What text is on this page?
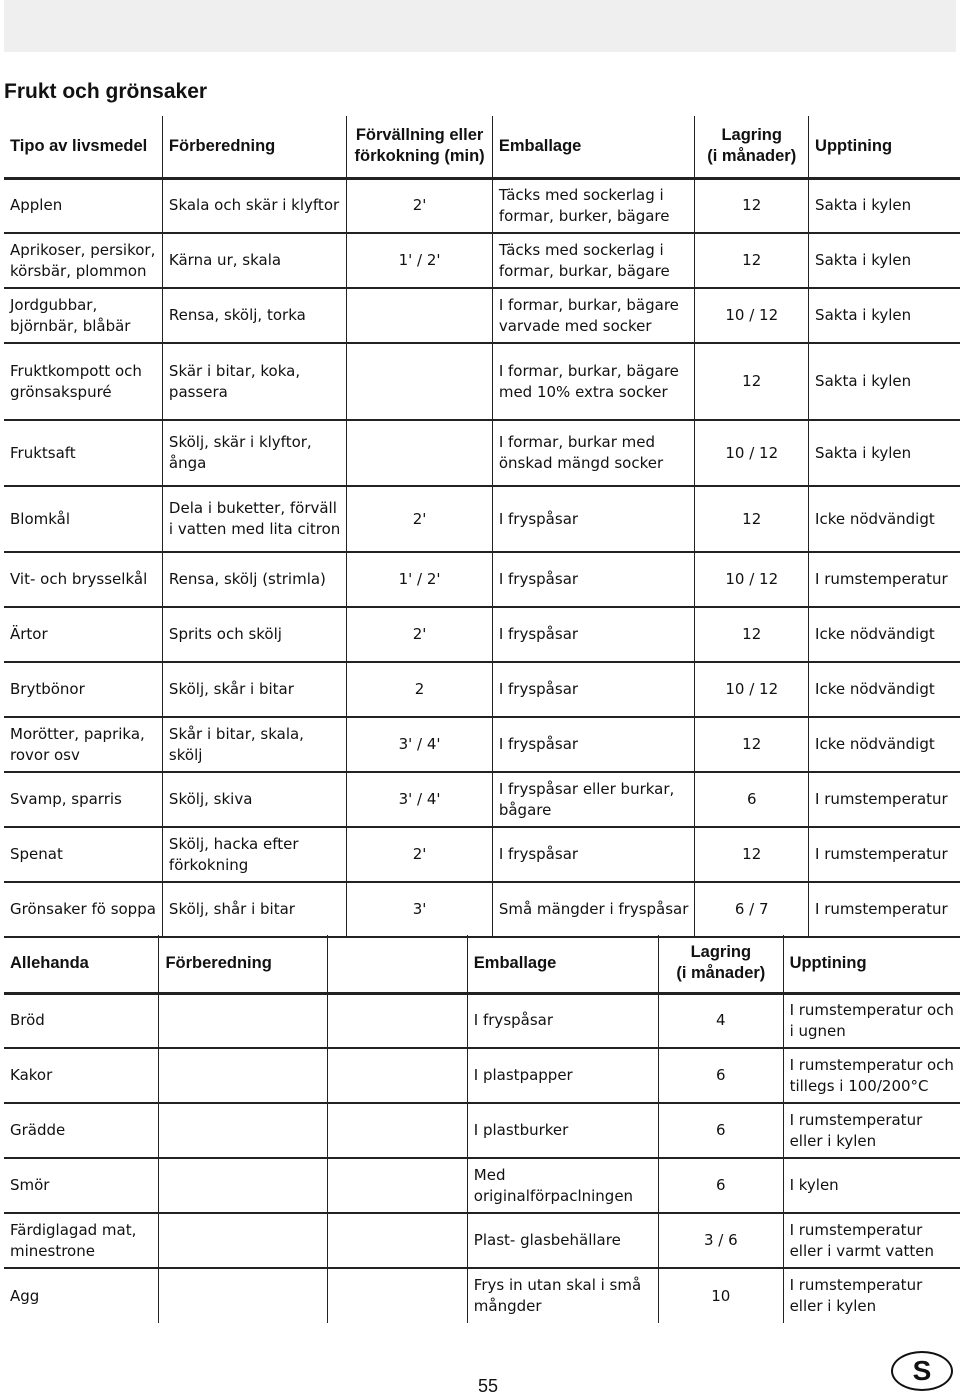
Frukt och grönsaker
Tipo av livsmedel	Förberedning	Förvällning eller
förkokning (min)	Emballage	Lagring
(i månader)	Upptining

Applen	Skala och skär i klyftor	2'	Täcks med sockerlag i
formar, burker, bägare	12	Sakta i kylen

Aprikoser, persikor,
körsbär, plommon	Kärna ur, skala	1' / 2'	Täcks med sockerlag i
formar, burkar, bägare	12	Sakta i kylen

Jordgubbar,
björnbär, blåbär	Rensa, skölj, torka		I formar, burkar, bägare
varvade med socker	10 / 12	Sakta i kylen

Fruktkompott och
grönsakspuré	Skär i bitar, koka,
passera		I formar, burkar, bägare
med 10% extra socker	12	Sakta i kylen

Fruktsaft	Skölj, skär i klyftor,
ånga		I formar, burkar med
önskad mängd socker	10 / 12	Sakta i kylen

Blomkål	Dela i buketter, förväll
i vatten med lita citron	2'	I fryspåsar	12	Icke nödvändigt

Vit- och brysselkål	Rensa, skölj (strimla)	1' / 2'	I fryspåsar	10 / 12	I rumstemperatur

Ärtor	Sprits och skölj	2'	I fryspåsar	12	Icke nödvändigt

Brytbönor	Skölj, skår i bitar	2	I fryspåsar	10 / 12	Icke nödvändigt

Morötter, paprika,
rovor osv	Skår i bitar, skala,
skölj	3' / 4'	I fryspåsar	12	Icke nödvändigt

Svamp, sparris	Skölj, skiva	3' / 4'	I fryspåsar eller burkar,
bågare	6	I rumstemperatur

Spenat	Skölj, hacka efter
förkokning	2'	I fryspåsar	12	I rumstemperatur

Grönsaker fö soppa	Skölj, shår i bitar	3'	Små mängder i fryspåsar	6 / 7	I rumstemperatur
Allehanda	Förberedning		Emballage	Lagring
(i månader)	Upptining

Bröd			I fryspåsar	4	I rumstemperatur och
i ugnen

Kakor			I plastpapper	6	I rumstemperatur och
tillegs i 100/200°C

Grädde			I plastburker	6	I rumstemperatur
eller i kylen

Smör			Med
originalförpaclningen	6	I kylen

Färdiglagad mat,
minestrone			Plast- glasbehällare	3 / 6	I rumstemperatur
eller i varmt vatten

Agg			Frys in utan skal i små
mångder	10	I rumstemperatur
eller i kylen
S
55
